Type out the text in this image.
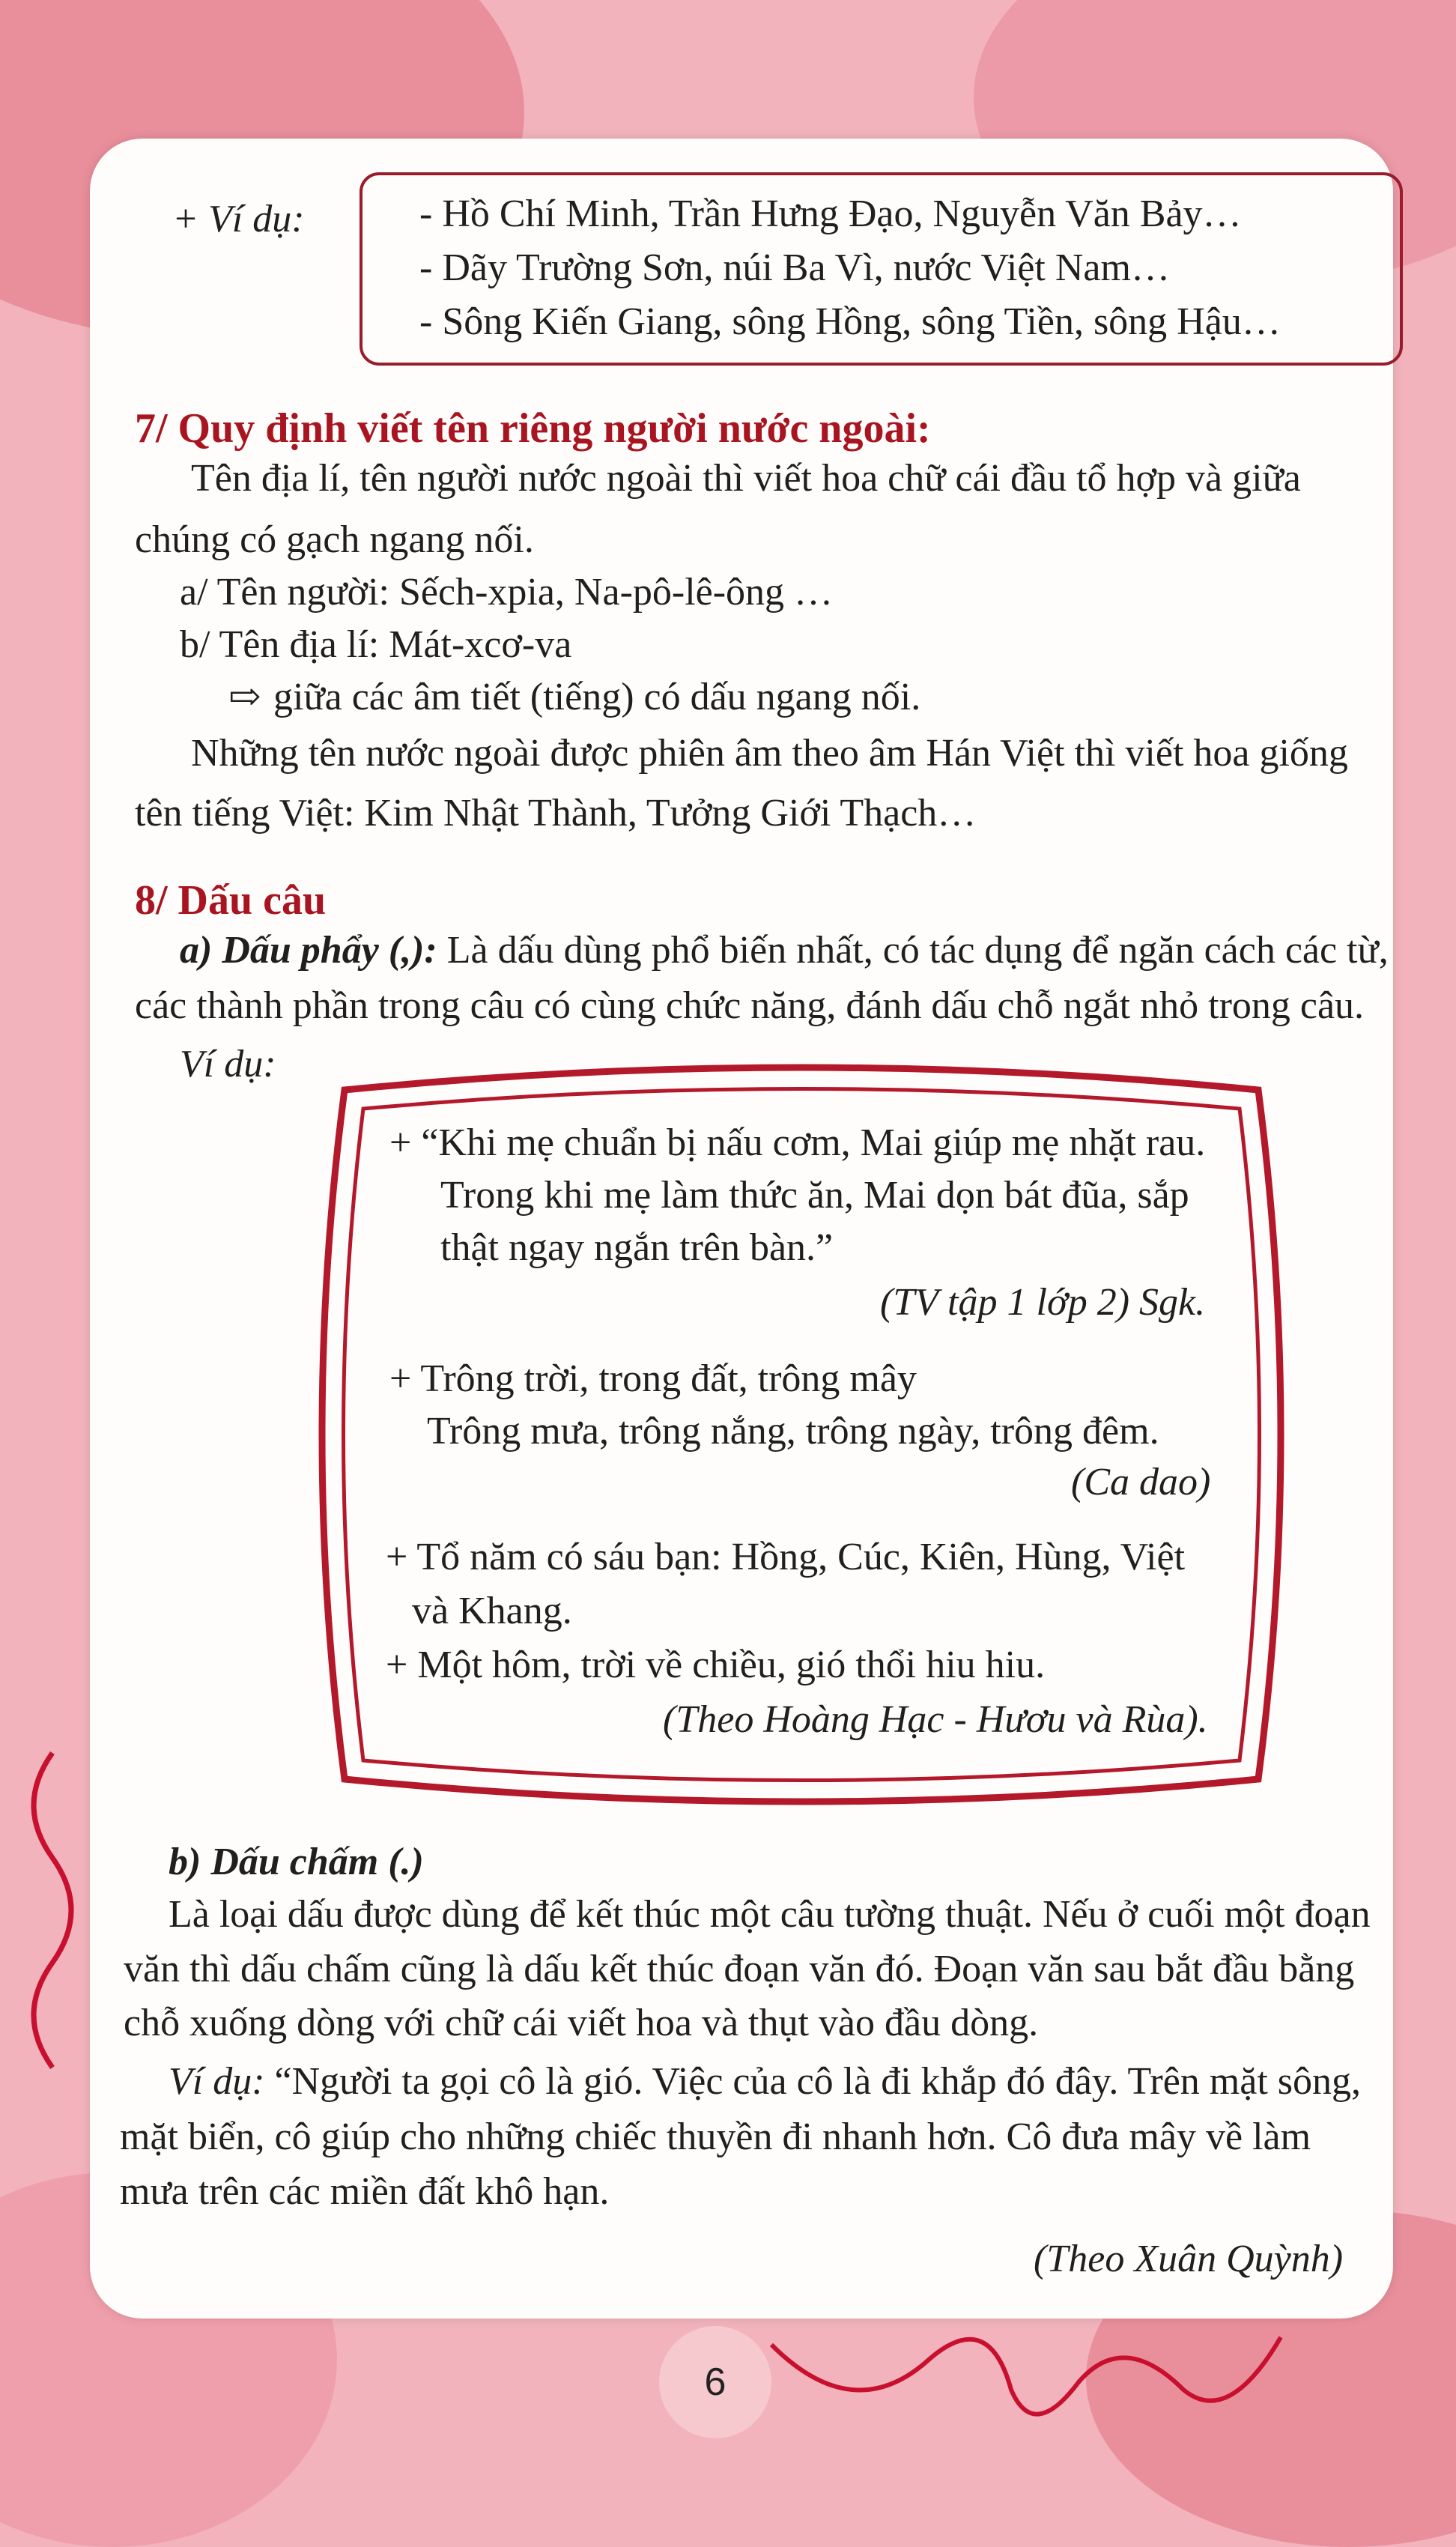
+ Ví dụ:	- Hồ Chí Minh, Trần Hưng Đạo, Nguyễn Văn Bảy…
- Dãy Trường Sơn, núi Ba Vì, nước Việt Nam…
- Sông Kiến Giang, sông Hồng, sông Tiền, sông Hậu…
7/ Quy định viết tên riêng người nước ngoài:
Tên địa lí, tên người nước ngoài thì viết hoa chữ cái đầu tổ hợp và giữa
chúng có gạch ngang nối.
a/ Tên người: Sếch-xpia, Na-pô-lê-ông …
b/ Tên địa lí: Mát-xcơ-va
⇨ giữa các âm tiết (tiếng) có dấu ngang nối.
Những tên nước ngoài được phiên âm theo âm Hán Việt thì viết hoa giống
tên tiếng Việt: Kim Nhật Thành, Tưởng Giới Thạch…
8/ Dấu câu
a) Dấu phẩy (,): Là dấu dùng phổ biến nhất, có tác dụng để ngăn cách các từ,
các thành phần trong câu có cùng chức năng, đánh dấu chỗ ngắt nhỏ trong câu.
Ví dụ:
+ “Khi mẹ chuẩn bị nấu cơm, Mai giúp mẹ nhặt rau.
Trong khi mẹ làm thức ăn, Mai dọn bát đũa, sắp
thật ngay ngắn trên bàn.”
(TV tập 1 lớp 2) Sgk.
+ Trông trời, trong đất, trông mây
Trông mưa, trông nắng, trông ngày, trông đêm.
(Ca dao)
+ Tổ năm có sáu bạn: Hồng, Cúc, Kiên, Hùng, Việt
và Khang.
+ Một hôm, trời về chiều, gió thổi hiu hiu.
(Theo Hoàng Hạc - Hươu và Rùa).
b) Dấu chấm (.)
Là loại dấu được dùng để kết thúc một câu tường thuật. Nếu ở cuối một đoạn
văn thì dấu chấm cũng là dấu kết thúc đoạn văn đó. Đoạn văn sau bắt đầu bằng
chỗ xuống dòng với chữ cái viết hoa và thụt vào đầu dòng.
Ví dụ: “Người ta gọi cô là gió. Việc của cô là đi khắp đó đây. Trên mặt sông,
mặt biển, cô giúp cho những chiếc thuyền đi nhanh hơn. Cô đưa mây về làm
mưa trên các miền đất khô hạn.
(Theo Xuân Quỳnh)
6
